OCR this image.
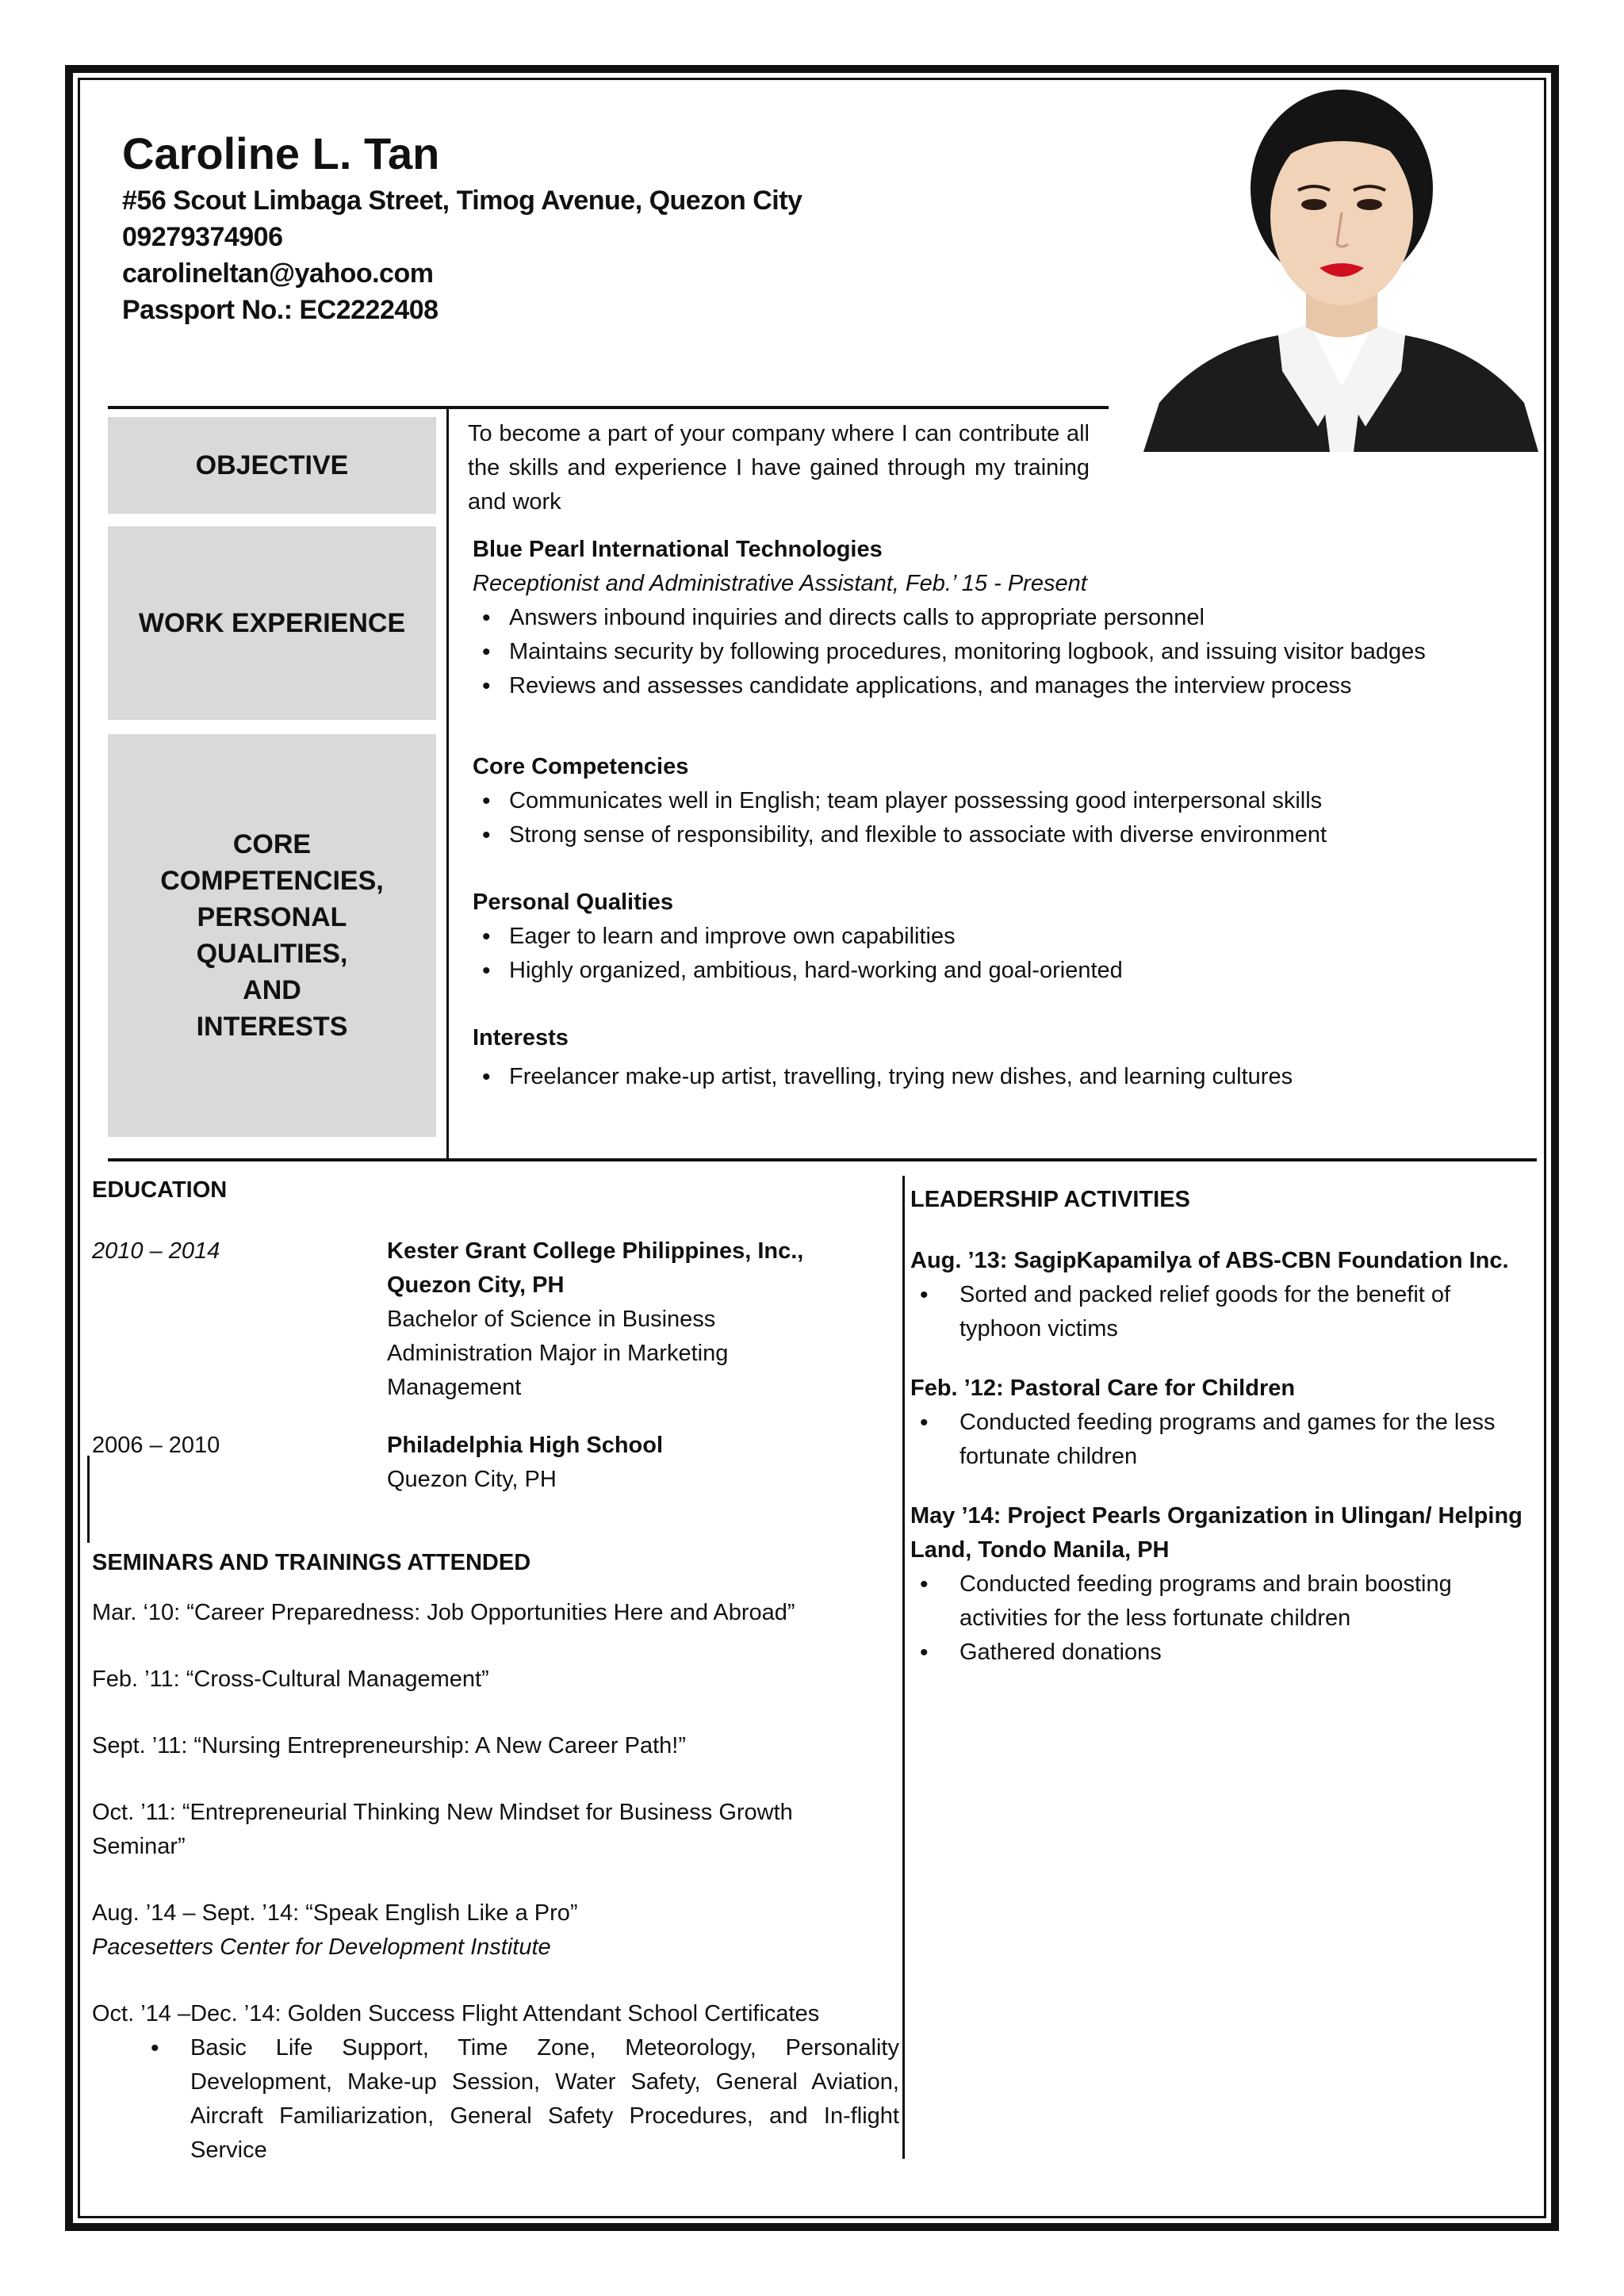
Caroline L. Tan
#56 Scout Limbaga Street, Timog Avenue, Quezon City
09279374906
carolineltan@yahoo.com
Passport No.: EC2222408
OBJECTIVE
WORK EXPERIENCE
CORE
COMPETENCIES,
PERSONAL
QUALITIES,
AND
INTERESTS
To become a part of your company where I can contribute all the skills and experience I have gained through my training and work
Blue Pearl International Technologies
Receptionist and Administrative Assistant, Feb.’ 15 - Present
• Answers inbound inquiries and directs calls to appropriate personnel
• Maintains security by following procedures, monitoring logbook, and issuing visitor badges
• Reviews and assesses candidate applications, and manages the interview process
Core Competencies
• Communicates well in English; team player possessing good interpersonal skills
• Strong sense of responsibility, and flexible to associate with diverse environment
Personal Qualities
• Eager to learn and improve own capabilities
• Highly organized, ambitious, hard-working and goal-oriented
Interests
• Freelancer make-up artist, travelling, trying new dishes, and learning cultures
EDUCATION
2010 – 2014	Kester Grant College Philippines, Inc.,
Quezon City, PH
Bachelor of Science in Business
Administration Major in Marketing
Management
2006 – 2010	Philadelphia High School
Quezon City, PH
SEMINARS AND TRAININGS ATTENDED
Mar. ‘10: “Career Preparedness: Job Opportunities Here and Abroad”
Feb. ’11: “Cross-Cultural Management”
Sept. ’11: “Nursing Entrepreneurship: A New Career Path!”
Oct. ’11: “Entrepreneurial Thinking New Mindset for Business Growth Seminar”
Aug. ’14 – Sept. ’14: “Speak English Like a Pro”
Pacesetters Center for Development Institute
Oct. ’14 –Dec. ’14: Golden Success Flight Attendant School Certificates
• Basic Life Support, Time Zone, Meteorology, Personality Development, Make-up Session, Water Safety, General Aviation, Aircraft Familiarization, General Safety Procedures, and In-flight Service
LEADERSHIP ACTIVITIES
Aug. ’13: SagipKapamilya of ABS-CBN Foundation Inc.
• Sorted and packed relief goods for the benefit of typhoon victims
Feb. ’12: Pastoral Care for Children
• Conducted feeding programs and games for the less fortunate children
May ’14: Project Pearls Organization in Ulingan/ Helping Land, Tondo Manila, PH
• Conducted feeding programs and brain boosting activities for the less fortunate children
• Gathered donations
